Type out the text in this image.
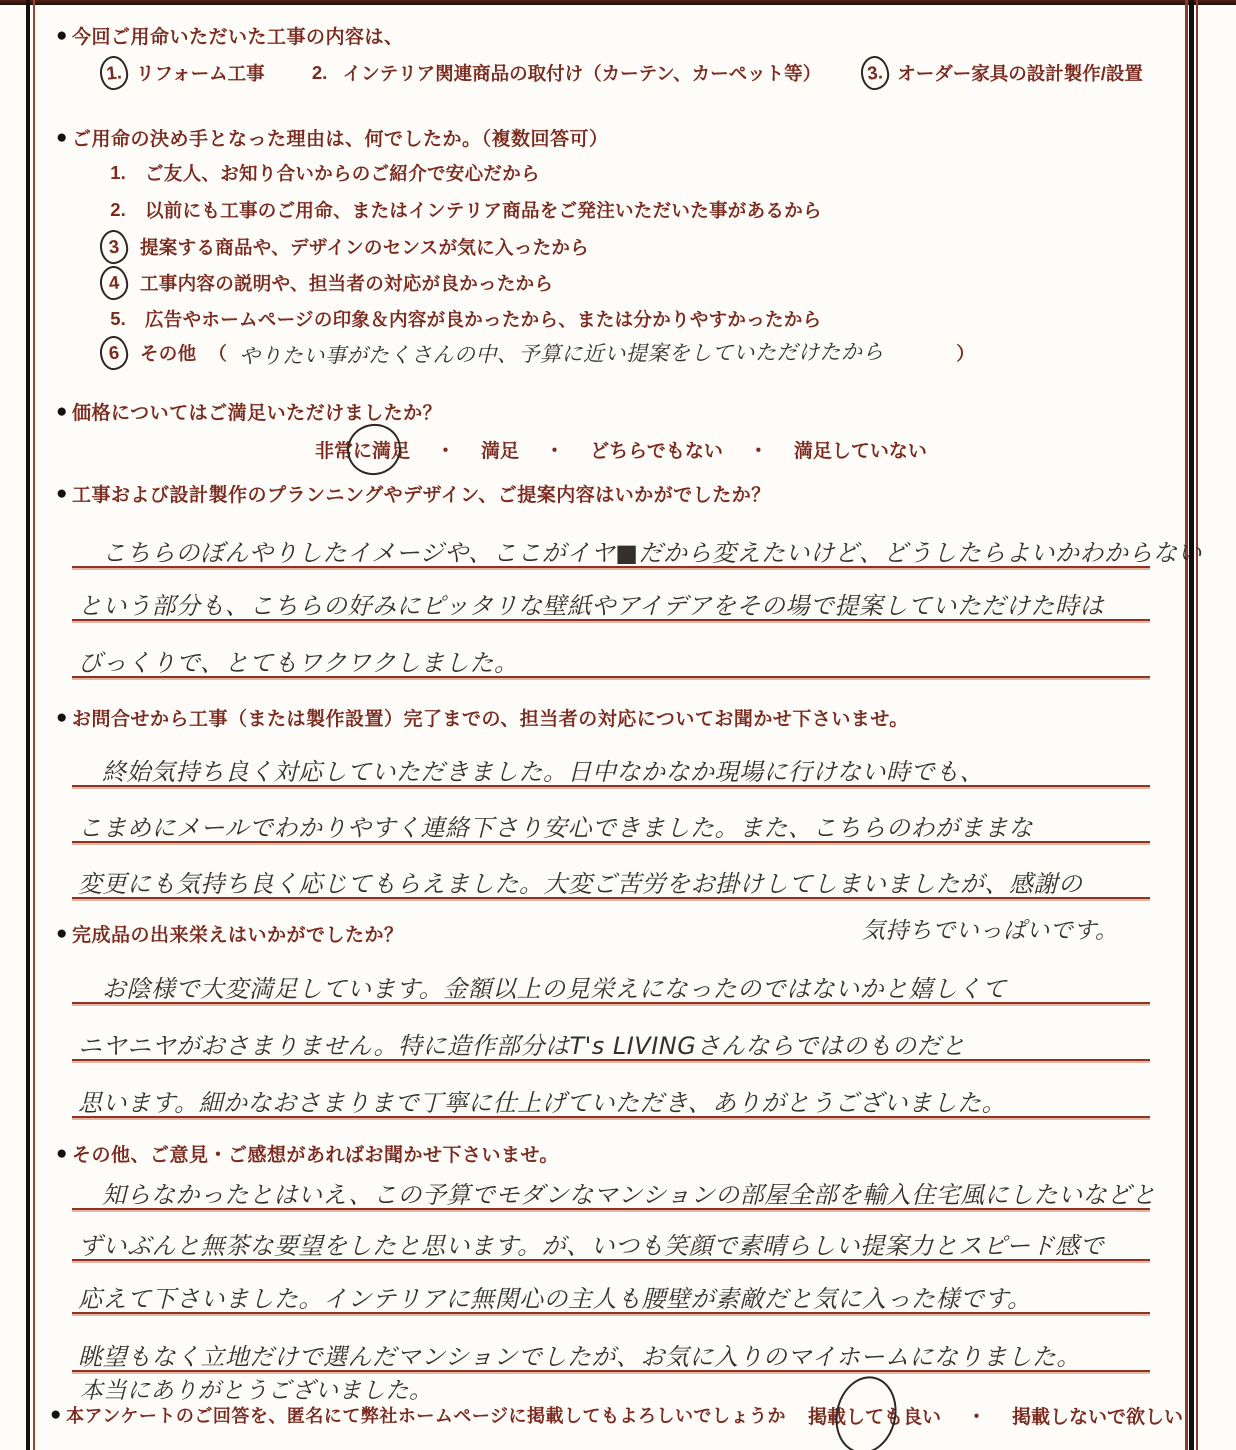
● 今回ご用命いただいた工事の内容は、
1. リフォーム工事	2. インテリア関連商品の取付け（カーテン、カーペット等） 3. オーダー家具の設計製作/設置
● ご用命の決め手となった理由は、何でしたか。（複数回答可）
1.	ご友人、お知り合いからのご紹介で安心だから
2.	以前にも工事のご用命、またはインテリア商品をご発注いただいた事があるから
3 提案する商品や、デザインのセンスが気に入ったから
4 工事内容の説明や、担当者の対応が良かったから
5.	広告やホームページの印象＆内容が良かったから、または分かりやすかったから
6 その他 （ やりたい事がたくさんの中、予算に近い提案をしていただけたから	）
● 価格についてはご満足いただけましたか？
非常に満足 ・ 満足 ・ どちらでもない ・ 満足していない
● 工事および設計製作のプランニングやデザイン、ご提案内容はいかがでしたか？
こちらのぼんやりしたイメージや、ここがイヤ■だから変えたいけど、どうしたらよいかわからない
という部分も、こちらの好みにピッタリな壁紙やアイデアをその場で提案していただけた時は
びっくりで、とてもワクワクしました。
● お問合せから工事（または製作設置）完了までの、担当者の対応についてお聞かせ下さいませ。
終始気持ち良く対応していただきました。日中なかなか現場に行けない時でも、
こまめにメールでわかりやすく連絡下さり安心できました。また、こちらのわがままな
変更にも気持ち良く応じてもらえました。大変ご苦労をお掛けしてしまいましたが、感謝の
気持ちでいっぱいです。
● 完成品の出来栄えはいかがでしたか？
お陰様で大変満足しています。金額以上の見栄えになったのではないかと嬉しくて
ニヤニヤがおさまりません。特に造作部分はT's LIVINGさんならではのものだと
思います。細かなおさまりまで丁寧に仕上げていただき、ありがとうございました。
● その他、ご意見・ご感想があればお聞かせ下さいませ。
知らなかったとはいえ、この予算でモダンなマンションの部屋全部を輸入住宅風にしたいなどと
ずいぶんと無茶な要望をしたと思います。が、いつも笑顔で素晴らしい提案力とスピード感で
応えて下さいました。インテリアに無関心の主人も腰壁が素敵だと気に入った様です。
眺望もなく立地だけで選んだマンションでしたが、お気に入りのマイホームになりました。
本当にありがとうございました。
● 本アンケートのご回答を、匿名にて弊社ホームページに掲載してもよろしいでしょうか 掲載しても良い ・ 掲載しないで欲しい
